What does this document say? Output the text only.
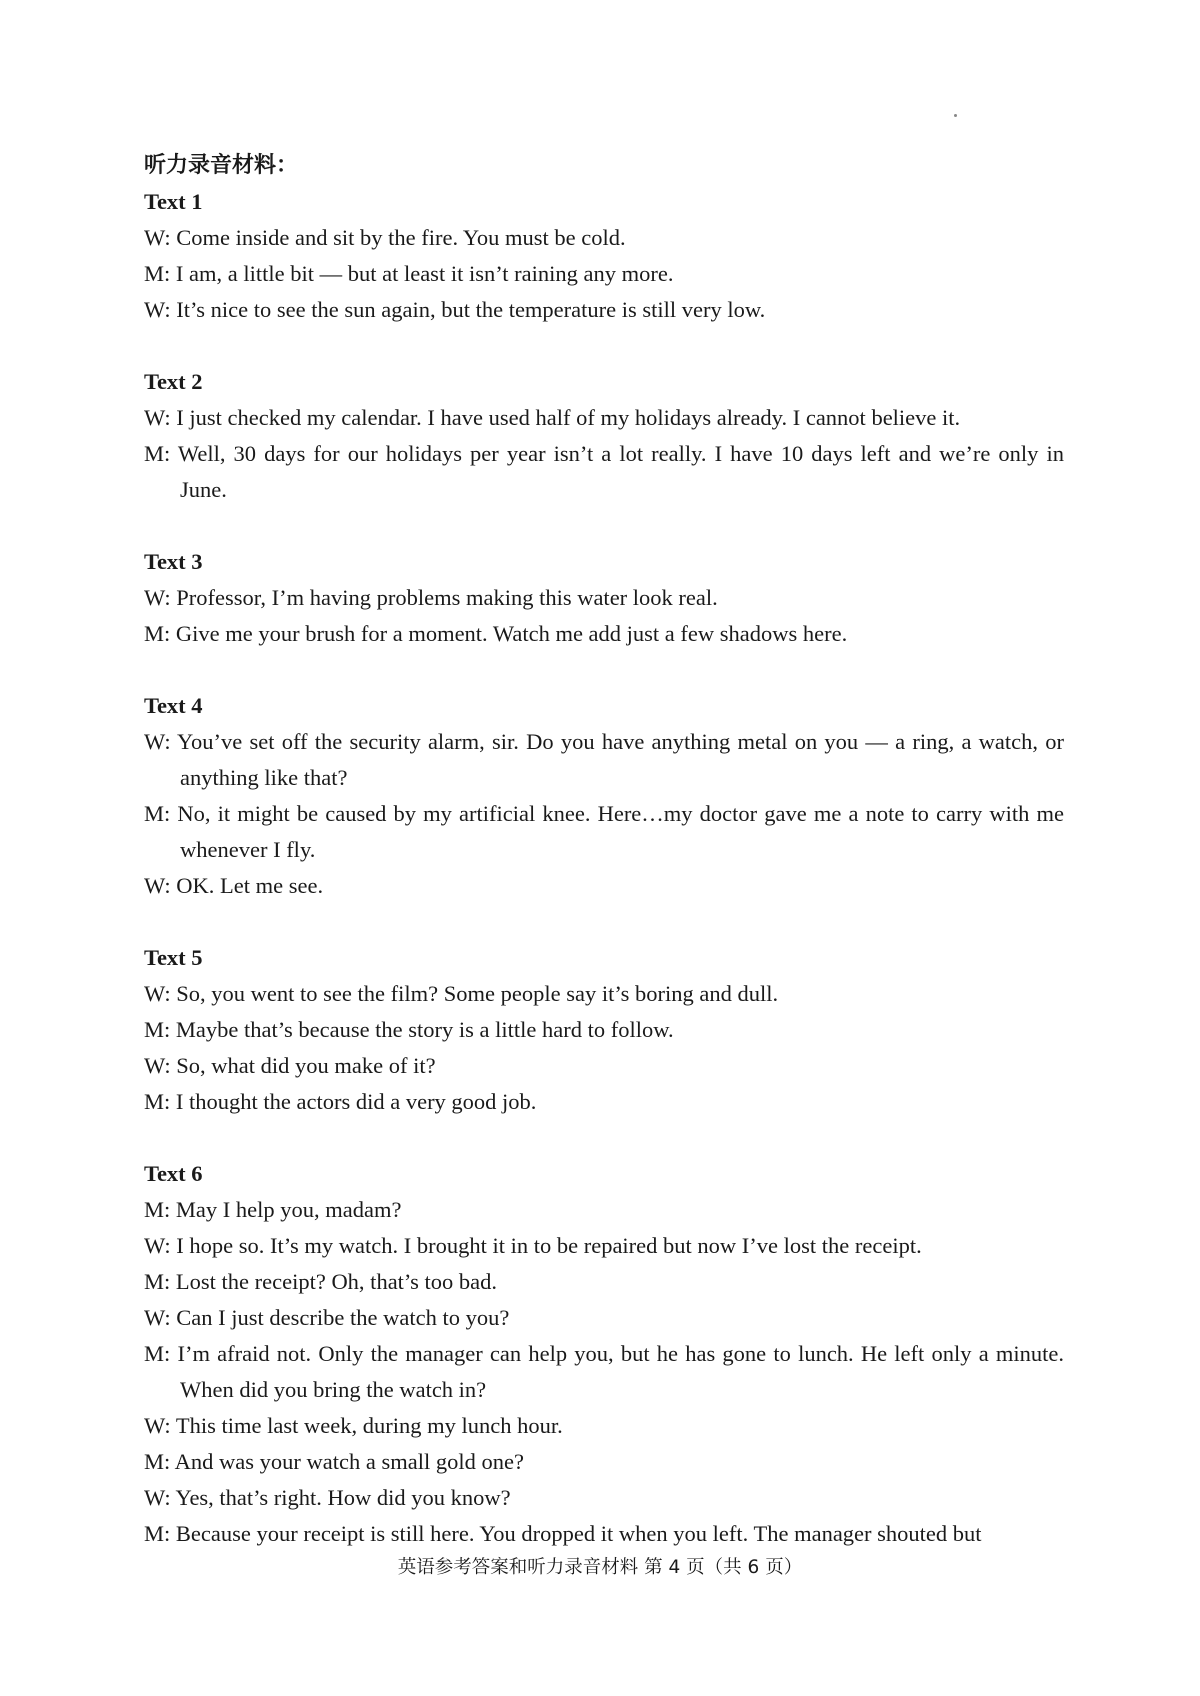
听力录音材料：

Text 1

W: Come inside and sit by the fire. You must be cold.

M: I am, a little bit — but at least it isn’t raining any more.

W: It’s nice to see the sun again, but the temperature is still very low.

Text 2

W: I just checked my calendar. I have used half of my holidays already. I cannot believe it.

M: Well, 30 days for our holidays per year isn’t a lot really. I have 10 days left and we’re only in June.

Text 3

W: Professor, I’m having problems making this water look real.

M: Give me your brush for a moment. Watch me add just a few shadows here.

Text 4

W: You’ve set off the security alarm, sir. Do you have anything metal on you — a ring, a watch, or anything like that?

M: No, it might be caused by my artificial knee. Here…my doctor gave me a note to carry with me whenever I fly.

W: OK. Let me see.

Text 5

W: So, you went to see the film? Some people say it’s boring and dull.

M: Maybe that’s because the story is a little hard to follow.

W: So, what did you make of it?

M: I thought the actors did a very good job.

Text 6

M: May I help you, madam?

W: I hope so. It’s my watch. I brought it in to be repaired but now I’ve lost the receipt.

M: Lost the receipt? Oh, that’s too bad.

W: Can I just describe the watch to you?

M: I’m afraid not. Only the manager can help you, but he has gone to lunch. He left only a minute. When did you bring the watch in?

W: This time last week, during my lunch hour.

M: And was your watch a small gold one?

W: Yes, that’s right. How did you know?

M: Because your receipt is still here. You dropped it when you left. The manager shouted but

英语参考答案和听力录音材料 第 4 页（共 6 页）
